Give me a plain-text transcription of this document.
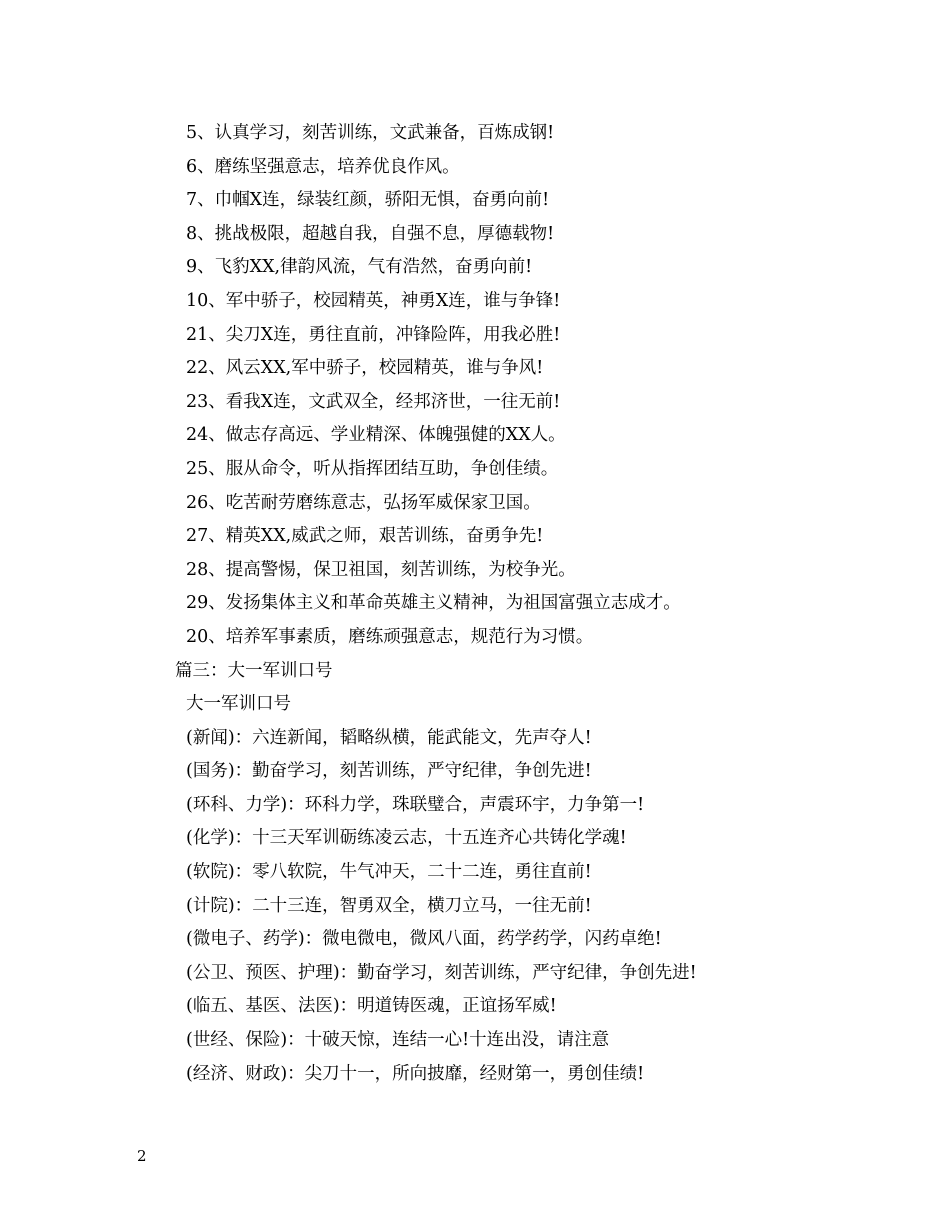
5、认真学习，刻苦训练，文武兼备，百炼成钢!
6、磨练坚强意志，培养优良作风。
7、巾帼X连，绿装红颜，骄阳无惧，奋勇向前!
8、挑战极限，超越自我，自强不息，厚德载物!
9、飞豹XX,律韵风流，气有浩然，奋勇向前!
10、军中骄子，校园精英，神勇X连，谁与争锋!
21、尖刀X连，勇往直前，冲锋险阵，用我必胜!
22、风云XX,军中骄子，校园精英，谁与争风!
23、看我X连，文武双全，经邦济世，一往无前!
24、做志存高远、学业精深、体魄强健的XX人。
25、服从命令，听从指挥团结互助，争创佳绩。
26、吃苦耐劳磨练意志，弘扬军威保家卫国。
27、精英XX,威武之师，艰苦训练，奋勇争先!
28、提高警惕，保卫祖国，刻苦训练，为校争光。
29、发扬集体主义和革命英雄主义精神，为祖国富强立志成才。
20、培养军事素质，磨练顽强意志，规范行为习惯。
篇三：大一军训口号
大一军训口号
(新闻)：六连新闻，韬略纵横，能武能文，先声夺人!
(国务)：勤奋学习，刻苦训练，严守纪律，争创先进!
(环科、力学)：环科力学，珠联璧合，声震环宇，力争第一!
(化学)：十三天军训砺练凌云志，十五连齐心共铸化学魂!
(软院)：零八软院，牛气冲天，二十二连，勇往直前!
(计院)：二十三连，智勇双全，横刀立马，一往无前!
(微电子、药学)：微电微电，微风八面，药学药学，闪药卓绝!
(公卫、预医、护理)：勤奋学习，刻苦训练，严守纪律，争创先进!
(临五、基医、法医)：明道铸医魂，正谊扬军威!
(世经、保险)：十破天惊，连结一心!十连出没，请注意
(经济、财政)：尖刀十一，所向披靡，经财第一，勇创佳绩!
2
